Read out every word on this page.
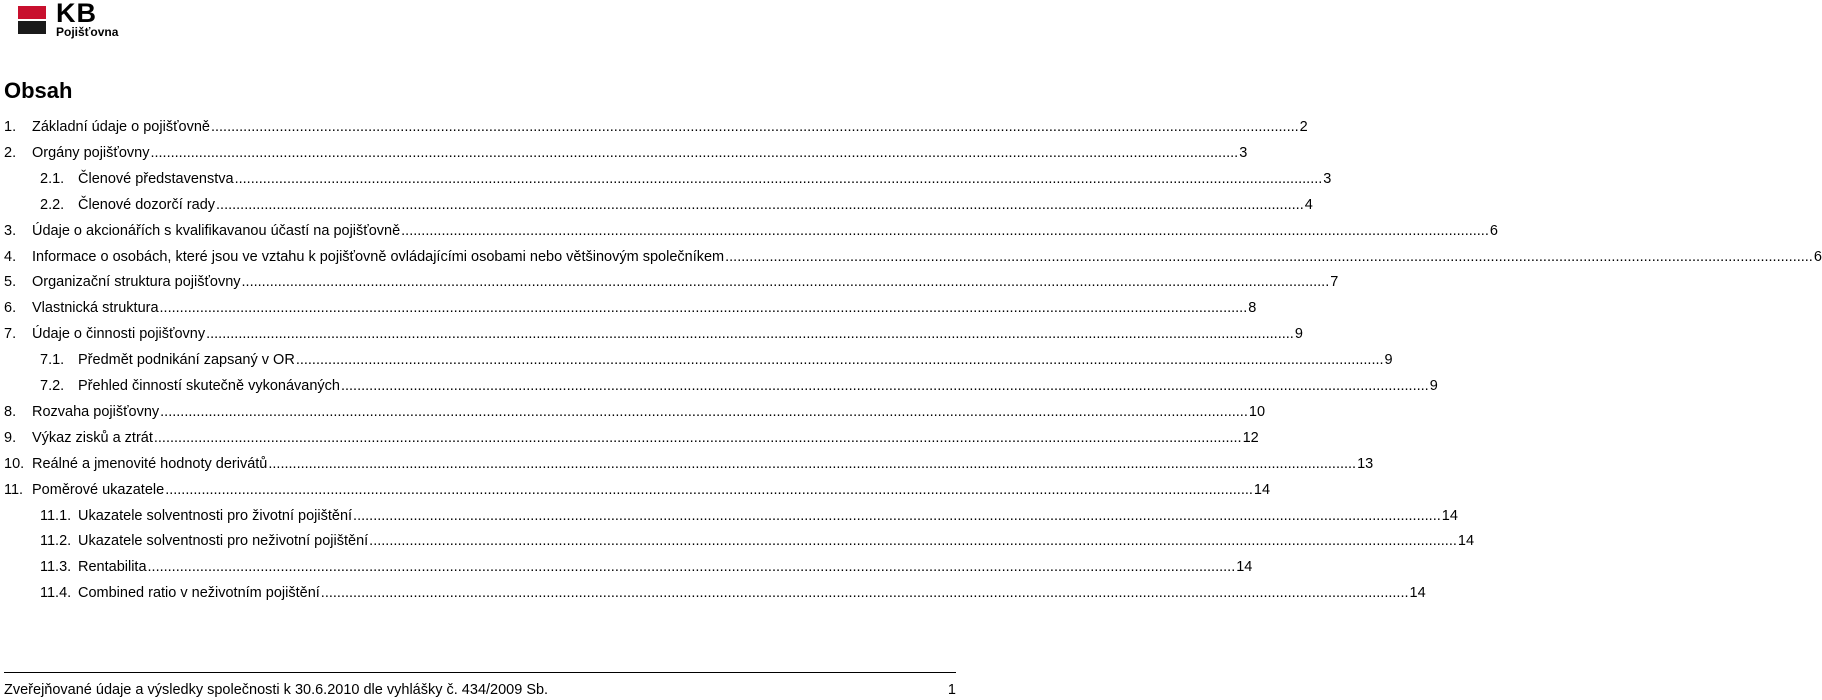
KB
Pojišťovna
Obsah
1.	Základní údaje o pojišťovně .....	2
2.	Orgány pojišťovny .....	3
2.1. Členové představenstva .....	3
2.2. Členové dozorčí rady .....	4
3.	Údaje o akcionářích s kvalifikavanou účastí na pojišťovně .....	6
4.	Informace o osobách, které jsou ve vztahu k pojišťovně ovládajícími osobami nebo většinovým společníkem .....	6
5.	Organizační struktura pojišťovny .....	7
6.	Vlastnická struktura .....	8
7.	Údaje o činnosti pojišťovny .....	9
7.1. Předmět podnikání zapsaný v OR .....	9
7.2. Přehled činností skutečně vykonávaných .....	9
8.	Rozvaha pojišťovny .....	10
9.	Výkaz zisků a ztrát .....	12
10. Reálné a jmenovité hodnoty derivátů .....	13
11. Poměrové ukazatele .....	14
11.1. Ukazatele solventnosti pro životní pojištění .....	14
11.2. Ukazatele solventnosti pro neživotní pojištění .....	14
11.3. Rentabilita .....	14
11.4. Combined ratio v neživotním pojištění .....	14
Zveřejňované údaje a výsledky společnosti k 30.6.2010 dle vyhlášky č. 434/2009 Sb.	1
